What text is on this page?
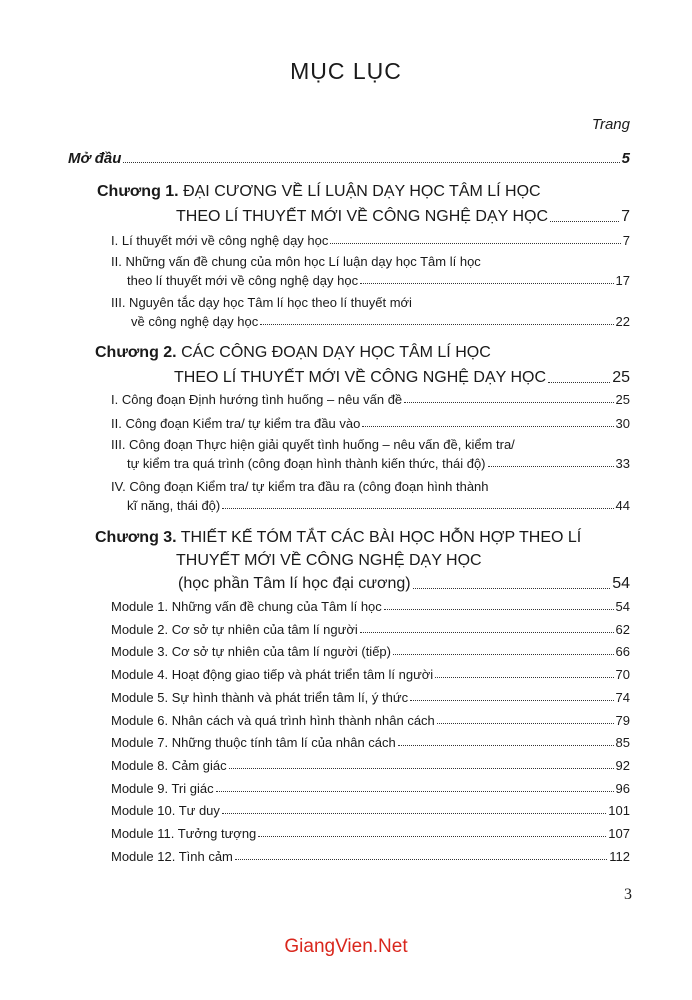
MỤC LỤC
Trang
Mở đầu	5
Chương 1. ĐẠI CƯƠNG VỀ LÍ LUẬN DẠY HỌC TÂM LÍ HỌC
THEO LÍ THUYẾT MỚI VỀ CÔNG NGHỆ DẠY HỌC	7
I. Lí thuyết mới về công nghệ dạy học	7
II. Những vấn đề chung của môn học Lí luận dạy học Tâm lí học
theo lí thuyết mới về công nghệ dạy học	17
III. Nguyên tắc dạy học Tâm lí học theo lí thuyết mới
về công nghệ dạy học	22
Chương 2. CÁC CÔNG ĐOẠN DẠY HỌC TÂM LÍ HỌC
THEO LÍ THUYẾT MỚI VỀ CÔNG NGHỆ DẠY HỌC	25
I. Công đoạn Định hướng tình huống – nêu vấn đề	25
II. Công đoạn Kiểm tra/ tự kiểm tra đầu vào	30
III. Công đoạn Thực hiện giải quyết tình huống – nêu vấn đề, kiểm tra/
tự kiểm tra quá trình (công đoạn hình thành kiến thức, thái độ)	33
IV. Công đoạn Kiểm tra/ tự kiểm tra đầu ra (công đoạn hình thành
kĩ năng, thái độ)	44
Chương 3. THIẾT KẾ TÓM TẮT CÁC BÀI HỌC HỖN HỢP THEO LÍ
THUYẾT MỚI VỀ CÔNG NGHỆ DẠY HỌC
(học phần Tâm lí học đại cương)	54
Module 1. Những vấn đề chung của Tâm lí học	54
Module 2. Cơ sở tự nhiên của tâm lí người	62
Module 3. Cơ sở tự nhiên của tâm lí người (tiếp)	66
Module 4. Hoạt động giao tiếp và phát triển tâm lí người	70
Module 5. Sự hình thành và phát triển tâm lí, ý thức	74
Module 6. Nhân cách và quá trình hình thành nhân cách	79
Module 7. Những thuộc tính tâm lí của nhân cách	85
Module 8. Cảm giác	92
Module 9. Tri giác	96
Module 10. Tư duy	101
Module 11. Tưởng tượng	107
Module 12. Tình cảm	112
3
GiangVien.Net
